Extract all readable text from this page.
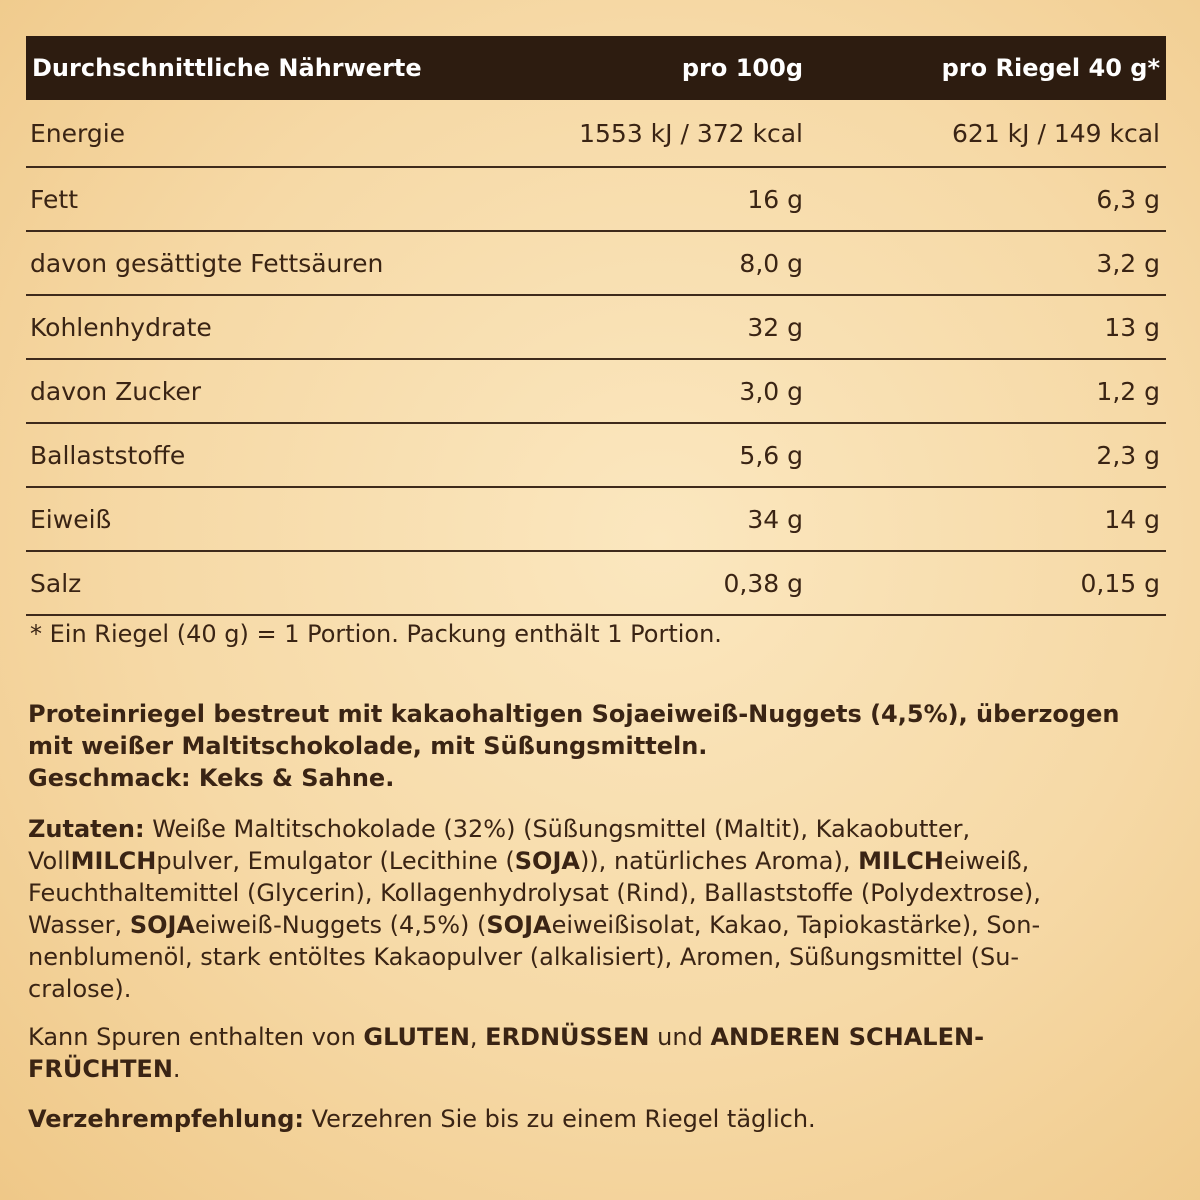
Durchschnittliche Nährwerte	pro 100g	pro Riegel 40 g*
Energie	1553 kJ / 372 kcal	621 kJ / 149 kcal
Fett	16 g	6,3 g
davon gesättigte Fettsäuren	8,0 g	3,2 g
Kohlenhydrate	32 g	13 g
davon Zucker	3,0 g	1,2 g
Ballaststoffe	5,6 g	2,3 g
Eiweiß	34 g	14 g
Salz	0,38 g	0,15 g
* Ein Riegel (40 g) = 1 Portion. Packung enthält 1 Portion.
Proteinriegel bestreut mit kakaohaltigen Sojaeiweiß-Nuggets (4,5%), überzogen
mit weißer Maltitschokolade, mit Süßungsmitteln.
Geschmack: Keks & Sahne.
Zutaten: Weiße Maltitschokolade (32%) (Süßungsmittel (Maltit), Kakaobutter,
VollMILCHpulver, Emulgator (Lecithine (SOJA)), natürliches Aroma), MILCHeiweiß,
Feuchthaltemittel (Glycerin), Kollagenhydrolysat (Rind), Ballaststoffe (Polydextrose),
Wasser, SOJAeiweiß-Nuggets (4,5%) (SOJAeiweißisolat, Kakao, Tapiokastärke), Son-
nenblumenöl, stark entöltes Kakaopulver (alkalisiert), Aromen, Süßungsmittel (Su-
cralose).
Kann Spuren enthalten von GLUTEN, ERDNÜSSEN und ANDEREN SCHALEN-
FRÜCHTEN.
Verzehrempfehlung: Verzehren Sie bis zu einem Riegel täglich.
